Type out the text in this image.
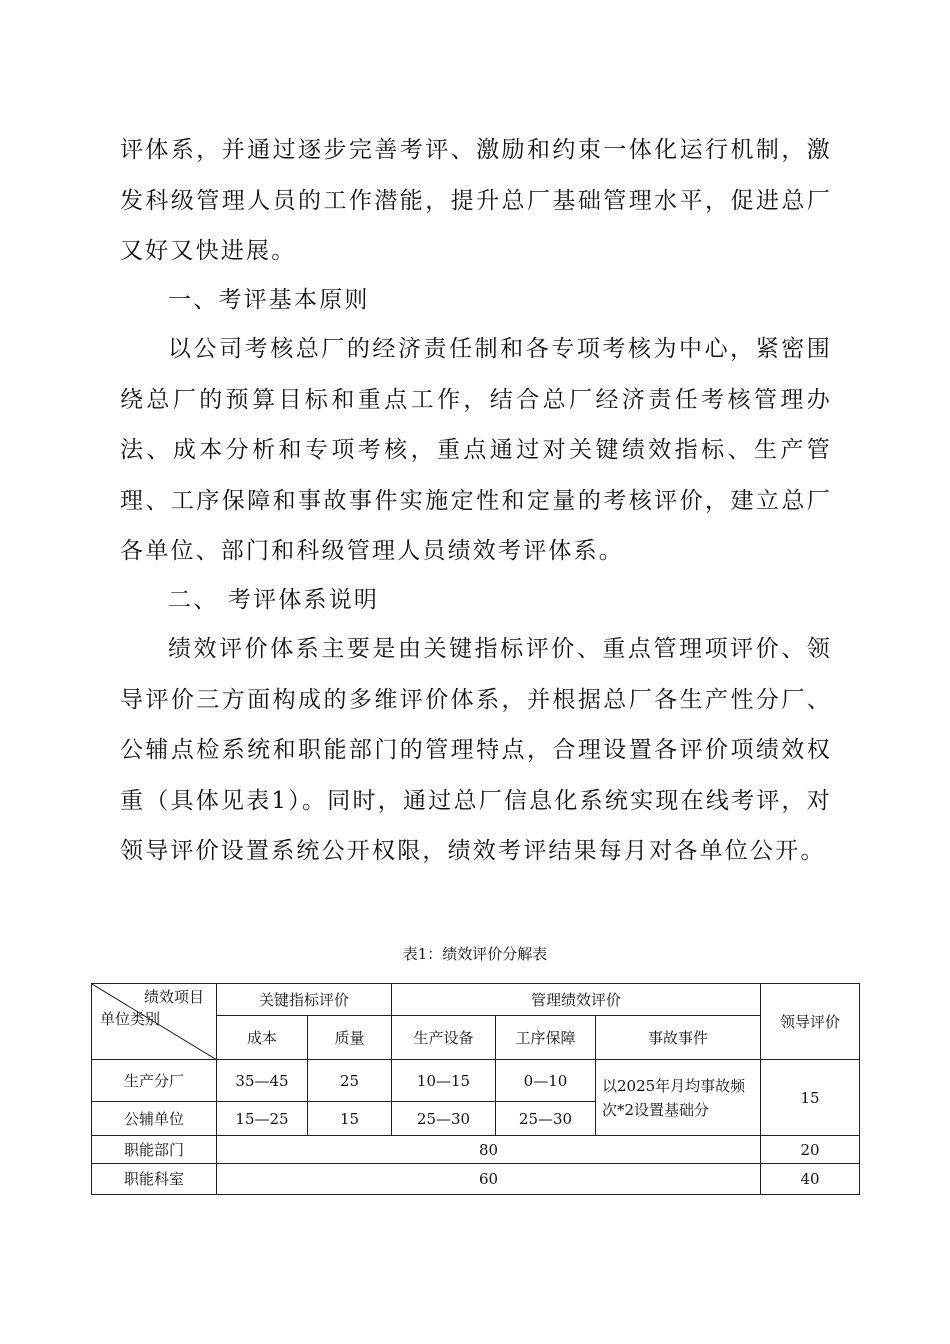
评体系，并通过逐步完善考评、激励和约束一体化运行机制，激发科级管理人员的工作潜能，提升总厂基础管理水平，促进总厂又好又快进展。

一、考评基本原则

以公司考核总厂的经济责任制和各专项考核为中心，紧密围绕总厂的预算目标和重点工作，结合总厂经济责任考核管理办法、成本分析和专项考核，重点通过对关键绩效指标、生产管理、工序保障和事故事件实施定性和定量的考核评价，建立总厂各单位、部门和科级管理人员绩效考评体系。

二、 考评体系说明

绩效评价体系主要是由关键指标评价、重点管理项评价、领导评价三方面构成的多维评价体系，并根据总厂各生产性分厂、公辅点检系统和职能部门的管理特点，合理设置各评价项绩效权重（具体见表1）。同时，通过总厂信息化系统实现在线考评，对领导评价设置系统公开权限，绩效考评结果每月对各单位公开。

表1：绩效评价分解表
绩效项目
单位类别	关键指标评价		管理绩效评价			领导评价
	成本	质量	生产设备	工序保障	事故事件	
生产分厂	35—45	25	10—15	0—10	以2025年月均事故频次*2设置基础分	15
公辅单位	15—25	15	25—30	25—30		
职能部门	80					20
职能科室	60					40
